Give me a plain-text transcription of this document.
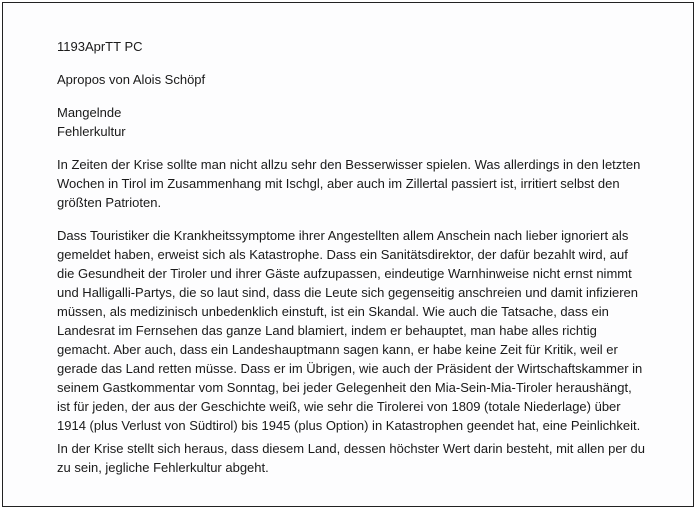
1193AprTT PC
Apropos von Alois Schöpf

Mangelnde

Fehlerkultur

In Zeiten der Krise sollte man nicht allzu sehr den Besserwisser spielen. Was allerdings in den letzten

Wochen in Tirol im Zusammenhang mit Ischgl, aber auch im Zillertal passiert ist, irritiert selbst den

größten Patrioten.

Dass Touristiker die Krankheitssymptome ihrer Angestellten allem Anschein nach lieber ignoriert als

gemeldet haben, erweist sich als Katastrophe. Dass ein Sanitätsdirektor, der dafür bezahlt wird, auf

die Gesundheit der Tiroler und ihrer Gäste aufzupassen, eindeutige Warnhinweise nicht ernst nimmt

und Halligalli-Partys, die so laut sind, dass die Leute sich gegenseitig anschreien und damit infizieren

müssen, als medizinisch unbedenklich einstuft, ist ein Skandal. Wie auch die Tatsache, dass ein

Landesrat im Fernsehen das ganze Land blamiert, indem er behauptet, man habe alles richtig

gemacht. Aber auch, dass ein Landeshauptmann sagen kann, er habe keine Zeit für Kritik, weil er

gerade das Land retten müsse. Dass er im Übrigen, wie auch der Präsident der Wirtschaftskammer in

seinem Gastkommentar vom Sonntag, bei jeder Gelegenheit den Mia-Sein-Mia-Tiroler heraushängt,

ist für jeden, der aus der Geschichte weiß, wie sehr die Tirolerei von 1809 (totale Niederlage) über

1914 (plus Verlust von Südtirol) bis 1945 (plus Option) in Katastrophen geendet hat, eine Peinlichkeit.

In der Krise stellt sich heraus, dass diesem Land, dessen höchster Wert darin besteht, mit allen per du

zu sein, jegliche Fehlerkultur abgeht.
